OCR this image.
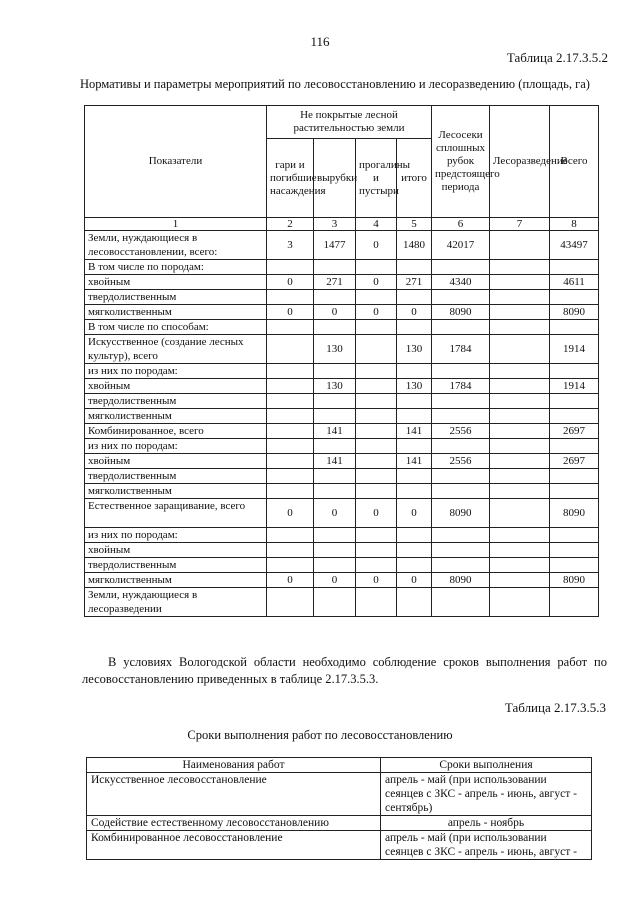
116
Таблица 2.17.3.5.2
Нормативы и параметры мероприятий по лесовосстановлению и лесоразведению (площадь, га)
Показатели	Не покрытые лесной растительностью земли				Лесосеки сплошных рубок предстоящего периода	Лесоразведение	Всего
	гари и погибшие насаждения	вырубки	прогалины и пустыри	итого			
1	2	3	4	5	6	7	8
Земли, нуждающиеся в лесовосстановлении, всего:	3	1477	0	1480	42017		43497
В том числе по породам:							
хвойным	0	271	0	271	4340		4611
твердолиственным							
мягколиственным	0	0	0	0	8090		8090
В том числе по способам:							
Искусственное (создание лесных культур), всего		130		130	1784		1914
из них по породам:							
хвойным		130		130	1784		1914
твердолиственным							
мягколиственным							
Комбинированное, всего		141		141	2556		2697
из них по породам:							
хвойным		141		141	2556		2697
твердолиственным							
мягколиственным							
Естественное заращивание, всего	0	0	0	0	8090		8090
из них по породам:							
хвойным							
твердолиственным							
мягколиственным	0	0	0	0	8090		8090
Земли, нуждающиеся в лесоразведении							
В условиях Вологодской области необходимо соблюдение сроков выполнения работ по лесовосстановлению приведенных в таблице 2.17.3.5.3.
Таблица 2.17.3.5.3
Сроки выполнения работ по лесовосстановлению
Наименования работ	Сроки выполнения
Искусственное лесовосстановление	апрель - май (при использовании сеянцев с ЗКС - апрель - июнь, август - сентябрь)
Содействие естественному лесовосстановлению	апрель - ноябрь
Комбинированное лесовосстановление	апрель - май (при использовании сеянцев с ЗКС - апрель - июнь, август -
